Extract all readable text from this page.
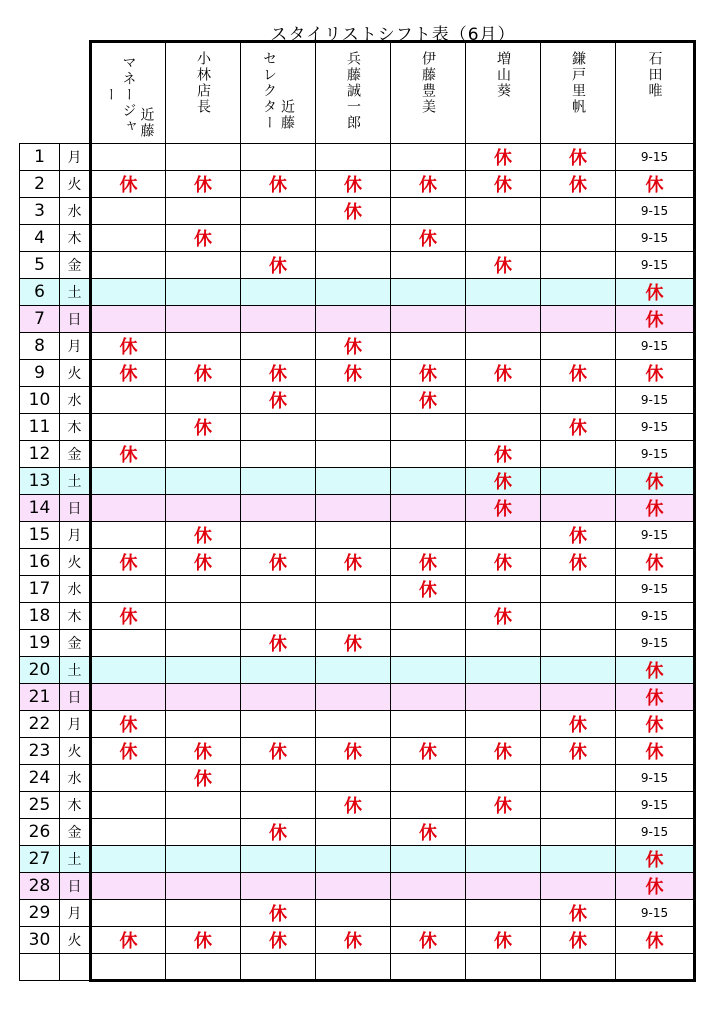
スタイリストシフト表（6月）
		マネージャー近藤	小林店長	セレクター 近藤	兵藤誠一郎	伊藤豊美	増山葵	鎌戸里帆	石田唯
1	月						休	休	9-15
2	火	休	休	休	休	休	休	休	休
3	水				休				9-15
4	木		休			休			9-15
5	金			休			休		9-15
6	土								休
7	日								休
8	月	休			休				9-15
9	火	休	休	休	休	休	休	休	休
10	水			休		休			9-15
11	木		休					休	9-15
12	金	休					休		9-15
13	土						休		休
14	日						休		休
15	月		休					休	9-15
16	火	休	休	休	休	休	休	休	休
17	水					休			9-15
18	木	休					休		9-15
19	金			休	休				9-15
20	土								休
21	日								休
22	月	休						休	休
23	火	休	休	休	休	休	休	休	休
24	水		休						9-15
25	木				休		休		9-15
26	金			休		休			9-15
27	土								休
28	日								休
29	月			休				休	9-15
30	火	休	休	休	休	休	休	休	休
